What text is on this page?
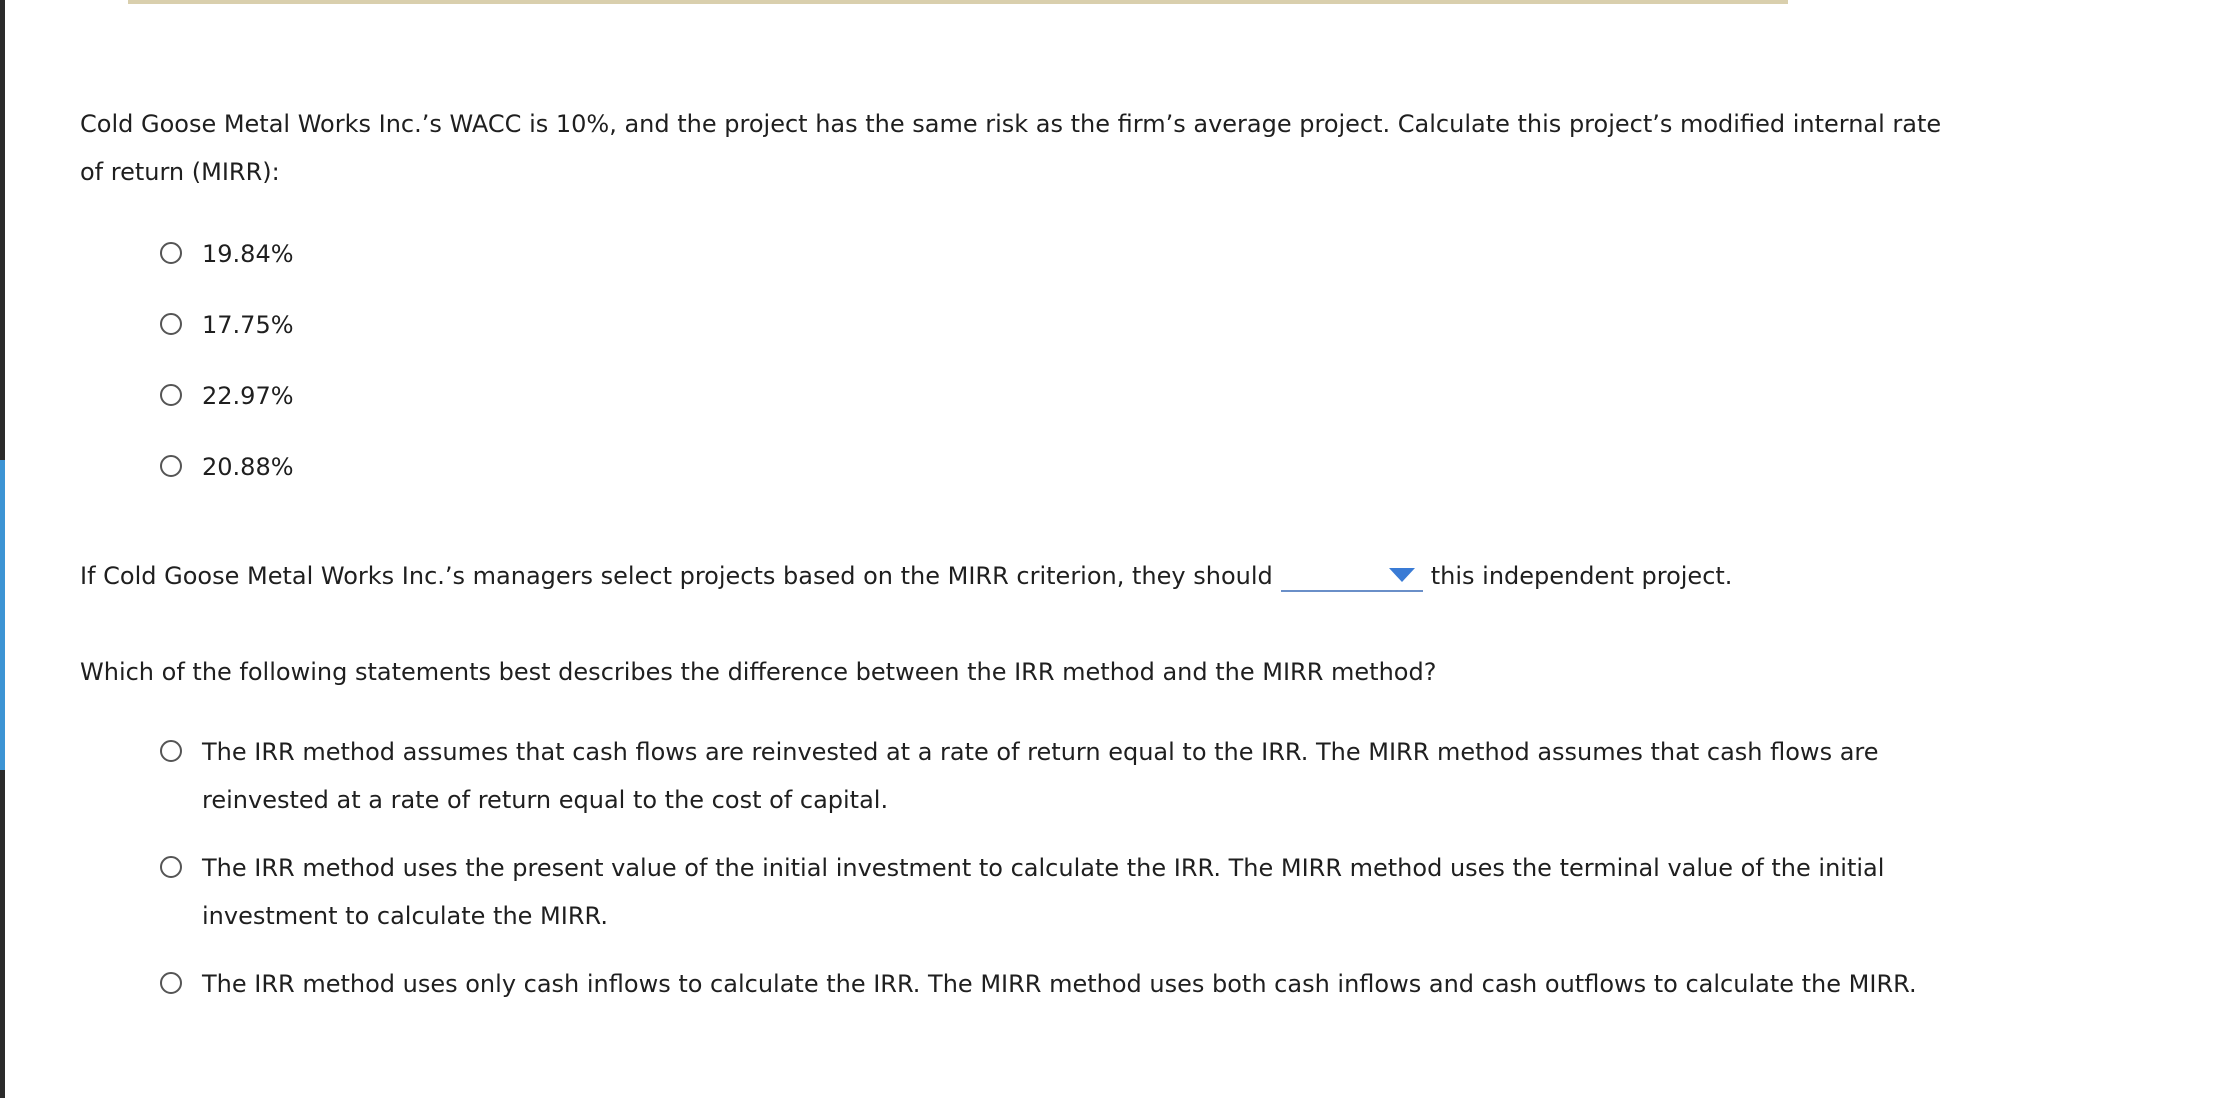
Cold Goose Metal Works Inc.’s WACC is 10%, and the project has the same risk as the firm’s average project. Calculate this project’s modified internal rate of return (MIRR):

19.84%
17.75%
22.97%
20.88%
If Cold Goose Metal Works Inc.’s managers select projects based on the MIRR criterion, they should	this independent project.

Which of the following statements best describes the difference between the IRR method and the MIRR method?

The IRR method assumes that cash flows are reinvested at a rate of return equal to the IRR. The MIRR method assumes that cash flows are reinvested at a rate of return equal to the cost of capital.
The IRR method uses the present value of the initial investment to calculate the IRR. The MIRR method uses the terminal value of the initial investment to calculate the MIRR.
The IRR method uses only cash inflows to calculate the IRR. The MIRR method uses both cash inflows and cash outflows to calculate the MIRR.
